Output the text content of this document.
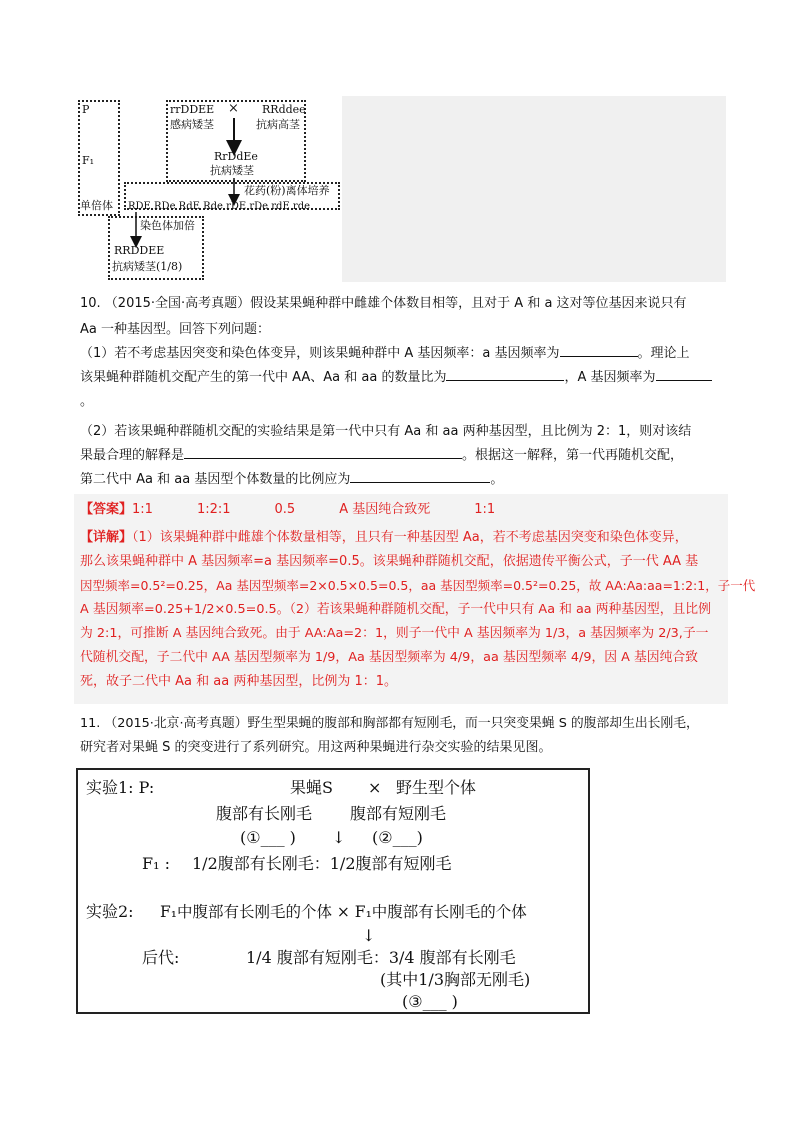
P
F₁
单倍体
rrDDEE × RRddee
感病矮茎	抗病高茎
RrDdEe
抗病矮茎
花药(粉)离体培养
RDE RDe RdE Rde rDE rDe rdE rde
染色体加倍
RRDDEE
抗病矮茎(1/8)
10. （2015·全国·高考真题）假设某果蝇种群中雌雄个体数目相等，且对于 A 和 a 这对等位基因来说只有
Aa 一种基因型。回答下列问题：
（1）若不考虑基因突变和染色体变异，则该果蝇种群中 A 基因频率：a 基因频率为	。理论上
该果蝇种群随机交配产生的第一代中 AA、Aa 和 aa 的数量比为	，A 基因频率为
。
（2）若该果蝇种群随机交配的实验结果是第一代中只有 Aa 和 aa 两种基因型，且比例为 2：1，则对该结
果最合理的解释是	。根据这一解释，第一代再随机交配，
第二代中 Aa 和 aa 基因型个体数量的比例应为	。
【答案】1:1	1:2:1	0.5	A 基因纯合致死	1:1
【详解】（1）该果蝇种群中雌雄个体数量相等，且只有一种基因型 Aa，若不考虑基因突变和染色体变异，
那么该果蝇种群中 A 基因频率=a 基因频率=0.5。该果蝇种群随机交配，依据遗传平衡公式，子一代 AA 基
因型频率=0.5²=0.25，Aa 基因型频率=2×0.5×0.5=0.5，aa 基因型频率=0.5²=0.25，故 AA:Aa:aa=1:2:1，子一代
A 基因频率=0.25+1/2×0.5=0.5。（2）若该果蝇种群随机交配，子一代中只有 Aa 和 aa 两种基因型，且比例
为 2:1，可推断 A 基因纯合致死。由于 AA:Aa=2：1，则子一代中 A 基因频率为 1/3，a 基因频率为 2/3,子一
代随机交配，子二代中 AA 基因型频率为 1/9，Aa 基因型频率为 4/9，aa 基因型频率 4/9，因 A 基因纯合致
死，故子二代中 Aa 和 aa 两种基因型，比例为 1：1。
11. （2015·北京·高考真题）野生型果蝇的腹部和胸部都有短刚毛，而一只突变果蝇 S 的腹部却生出长刚毛，
研究者对果蝇 S 的突变进行了系列研究。用这两种果蝇进行杂交实验的结果见图。
实验1: P:	果蝇S × 野生型个体
腹部有长刚毛 腹部有短刚毛
(①___ ) ↓ (②___)
F₁ : 1/2腹部有长刚毛：1/2腹部有短刚毛
实验2: F₁中腹部有长刚毛的个体 × F₁中腹部有长刚毛的个体
↓
后代:	1/4 腹部有短刚毛：3/4 腹部有长刚毛
(其中1/3胸部无刚毛)
(③___ )
